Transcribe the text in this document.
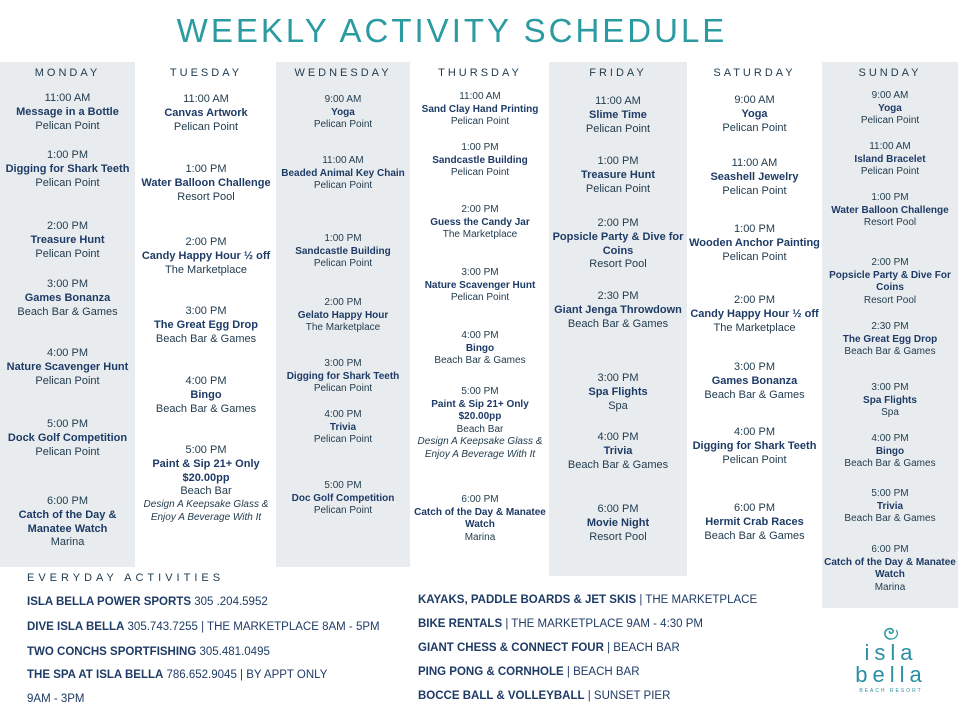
WEEKLY ACTIVITY SCHEDULE
MONDAY
11:00 AM
Message in a Bottle
Pelican Point
1:00 PM
Digging for Shark Teeth
Pelican Point
2:00 PM
Treasure Hunt
Pelican Point
3:00 PM
Games Bonanza
Beach Bar & Games
4:00 PM
Nature Scavenger Hunt
Pelican Point
5:00 PM
Dock Golf Competition
Pelican Point
6:00 PM
Catch of the Day & Manatee Watch
Marina
TUESDAY
11:00 AM
Canvas Artwork
Pelican Point
1:00 PM
Water Balloon Challenge
Resort Pool
2:00 PM
Candy Happy Hour ½ off
The Marketplace
3:00 PM
The Great Egg Drop
Beach Bar & Games
4:00 PM
Bingo
Beach Bar & Games
5:00 PM
Paint & Sip 21+ Only $20.00pp
Beach Bar
Design A Keepsake Glass & Enjoy A Beverage With It
WEDNESDAY
9:00 AM
Yoga
Pelican Point
11:00 AM
Beaded Animal Key Chain
Pelican Point
1:00 PM
Sandcastle Building
Pelican Point
2:00 PM
Gelato Happy Hour
The Marketplace
3:00 PM
Digging for Shark Teeth
Pelican Point
4:00 PM
Trivia
Pelican Point
5:00 PM
Doc Golf Competition
Pelican Point
THURSDAY
11:00 AM
Sand Clay Hand Printing
Pelican Point
1:00 PM
Sandcastle Building
Pelican Point
2:00 PM
Guess the Candy Jar
The Marketplace
3:00 PM
Nature Scavenger Hunt
Pelican Point
4:00 PM
Bingo
Beach Bar & Games
5:00 PM
Paint & Sip 21+ Only $20.00pp
Beach Bar
Design A Keepsake Glass & Enjoy A Beverage With It
6:00 PM
Catch of the Day & Manatee Watch
Marina
FRIDAY
11:00 AM
Slime Time
Pelican Point
1:00 PM
Treasure Hunt
Pelican Point
2:00 PM
Popsicle Party & Dive for Coins
Resort Pool
2:30 PM
Giant Jenga Throwdown
Beach Bar & Games
3:00 PM
Spa Flights
Spa
4:00 PM
Trivia
Beach Bar & Games
6:00 PM
Movie Night
Resort Pool
SATURDAY
9:00 AM
Yoga
Pelican Point
11:00 AM
Seashell Jewelry
Pelican Point
1:00 PM
Wooden Anchor Painting
Pelican Point
2:00 PM
Candy Happy Hour ½ off
The Marketplace
3:00 PM
Games Bonanza
Beach Bar & Games
4:00 PM
Digging for Shark Teeth
Pelican Point
6:00 PM
Hermit Crab Races
Beach Bar & Games
SUNDAY
9:00 AM
Yoga
Pelican Point
11:00 AM
Island Bracelet
Pelican Point
1:00 PM
Water Balloon Challenge
Resort Pool
2:00 PM
Popsicle Party & Dive For Coins
Resort Pool
2:30 PM
The Great Egg Drop
Beach Bar & Games
3:00 PM
Spa Flights
Spa
4:00 PM
Bingo
Beach Bar & Games
5:00 PM
Trivia
Beach Bar & Games
6:00 PM
Catch of the Day & Manatee Watch
Marina
EVERYDAY ACTIVITIES
ISLA BELLA POWER SPORTS 305 .204.5952
DIVE ISLA BELLA 305.743.7255 | THE MARKETPLACE 8AM - 5PM
TWO CONCHS SPORTFISHING 305.481.0495
THE SPA AT ISLA BELLA 786.652.9045 | BY APPT ONLY
9AM - 3PM
KAYAKS, PADDLE BOARDS & JET SKIS | THE MARKETPLACE
BIKE RENTALS | THE MARKETPLACE 9AM - 4:30 PM
GIANT CHESS & CONNECT FOUR | BEACH BAR
PING PONG & CORNHOLE | BEACH BAR
BOCCE BALL & VOLLEYBALL | SUNSET PIER
isla
bella
BEACH RESORT
